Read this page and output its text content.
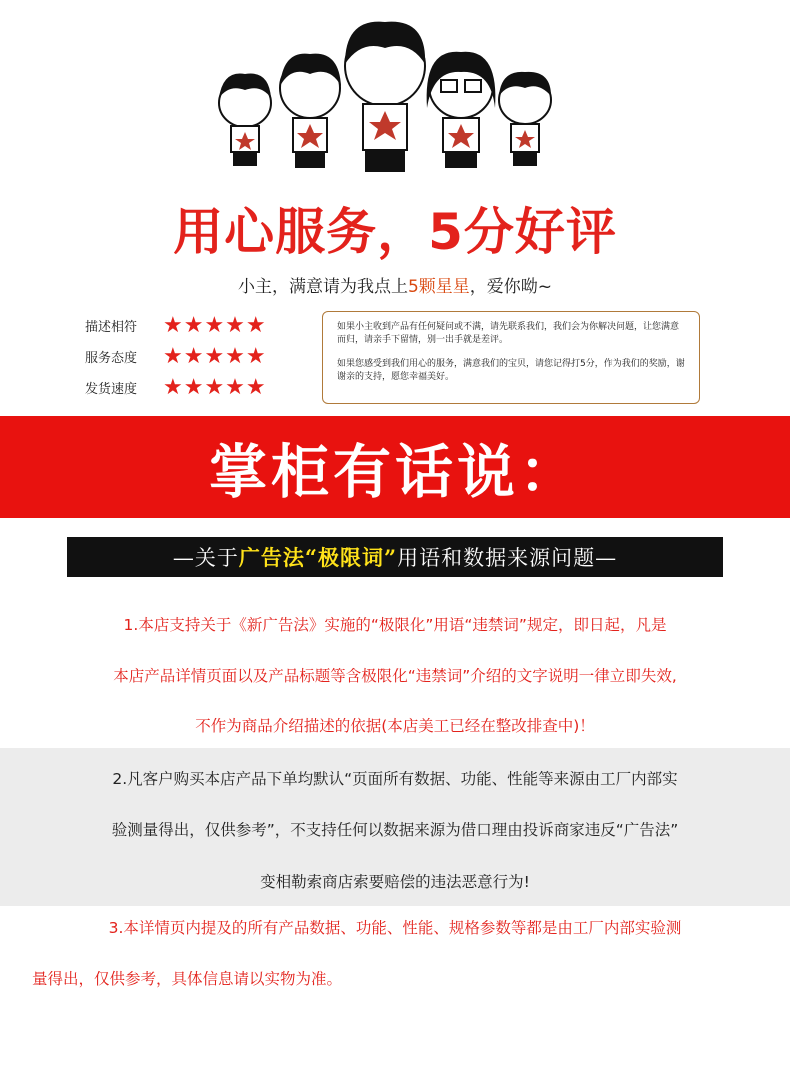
用心服务，5分好评
小主，满意请为我点上5颗星星，爱你呦~
描述相符	★★★★★
服务态度	★★★★★
发货速度	★★★★★

如果小主收到产品有任何疑问或不满，请先联系我们，我们会为你解决问题，让您满意而归，请亲手下留情，别一出手就是差评。

如果您感受到我们用心的服务，满意我们的宝贝，请您记得打5分，作为我们的奖励，谢谢亲的支持，愿您幸福美好。

掌柜有话说：
—关于 广告法 “极限词” 用语和数据来源问题—
1.本店支持关于《新广告法》实施的“极限化”用语“违禁词”规定，即日起，凡是
本店产品详情页面以及产品标题等含极限化“违禁词”介绍的文字说明一律立即失效,
不作为商品介绍描述的依据(本店美工已经在整改排查中)！
2.凡客户购买本店产品下单均默认“页面所有数据、功能、性能等来源由工厂内部实
验测量得出，仅供参考”，不支持任何以数据来源为借口理由投诉商家违反“广告法”
变相勒索商店索要赔偿的违法恶意行为!
3.本详情页内提及的所有产品数据、功能、性能、规格参数等都是由工厂内部实验测
量得出，仅供参考，具体信息请以实物为准。
